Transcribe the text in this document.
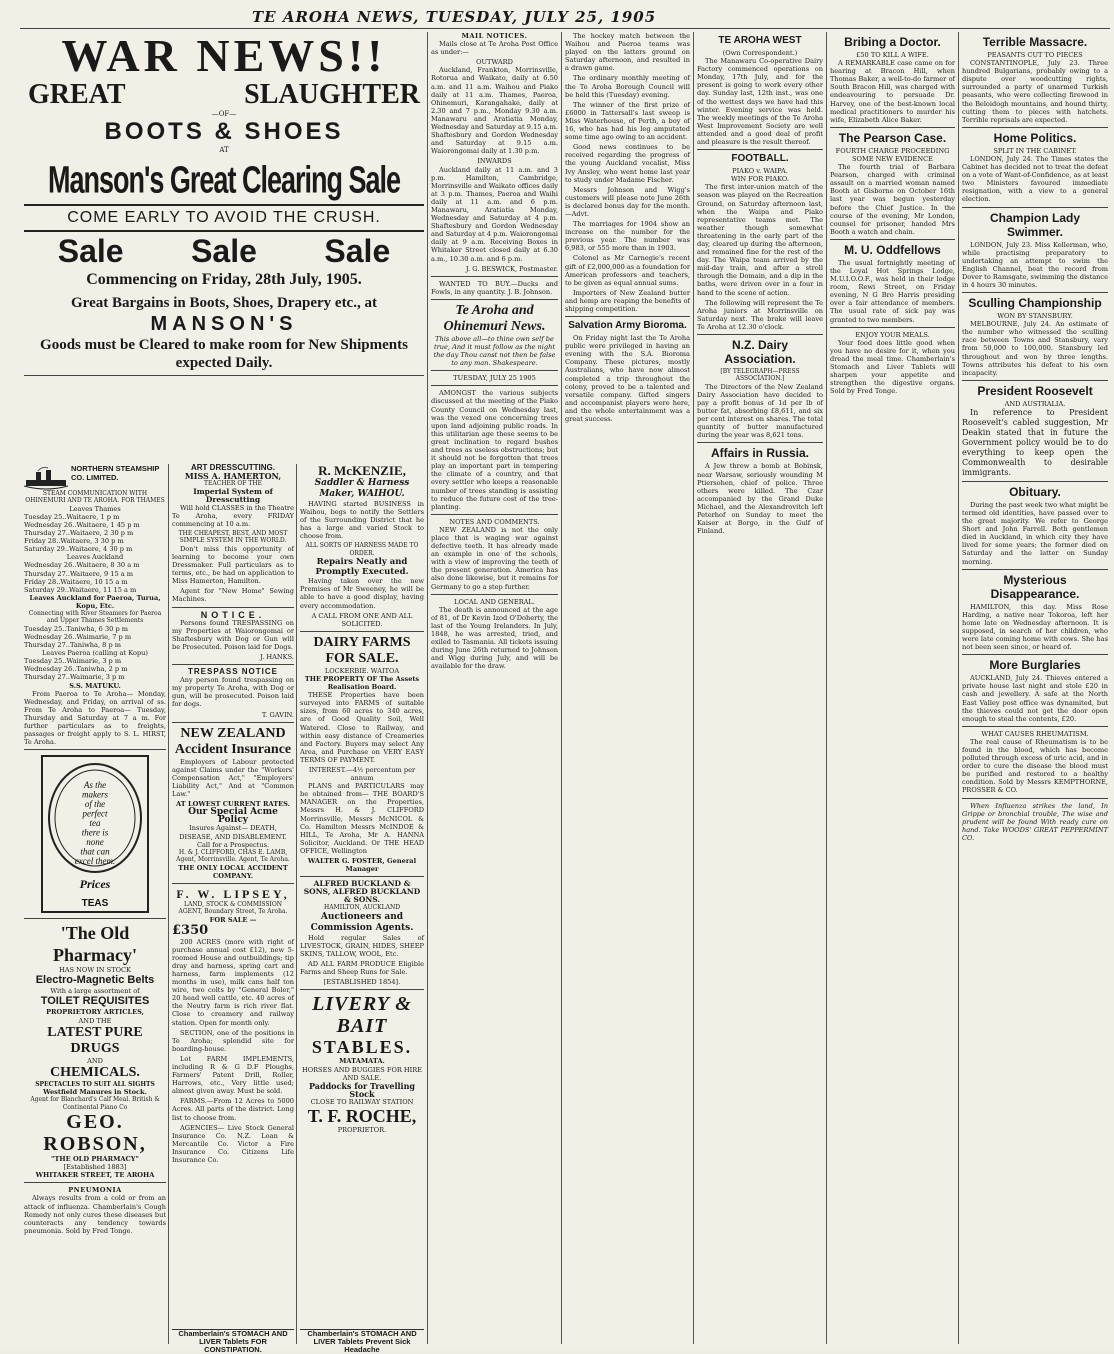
TE AROHA NEWS, TUESDAY, JULY 25, 1905
WAR NEWS!!
GREAT	SLAUGHTER
—OF—
BOOTS & SHOES
AT
Manson's Great Clearing Sale
COME EARLY TO AVOID THE CRUSH.
Sale Sale Sale
Commencing on Friday, 28th July, 1905.
Great Bargains in Boots, Shoes, Drapery etc., at
MANSON'S
Goods must be Cleared to make room for New Shipments expected Daily.
NORTHERN STEAMSHIP CO. LIMITED.
STEAM COMMUNICATION WITH OHINEMURI AND TE AROHA. FOR THAMES
Leaves Thames
Tuesday 25..Waitaere, 1 p m
Wednesday 26..Waitaere, 1 45 p m
Thursday 27..Waitaere, 2 30 p m
Friday 28..Waitaere, 3 30 p m
Saturday 29..Waitaere, 4 30 p m
Leaves Auckland
Wednesday 26..Waitaere, 8 30 a m
Thursday 27..Waitaere, 9 15 a m
Friday 28..Waitaere, 10 15 a m
Saturday 29..Waitaere, 11 15 a m
Leaves Auckland for Paeroa, Turua, Kopu, Etc.
Connecting with River Steamers for Paeroa and Upper Thames Settlements
Tuesday 25..Taniwha, 6 30 p m
Wednesday 26..Waimarie, 7 p m
Thursday 27..Taniwha, 8 p m
Leaves Paeroa (calling at Kopu)
Tuesday 25..Waimarie, 3 p m
Wednesday 26..Taniwha, 2 p m
Thursday 27..Waimarie, 3 p m
S.S. MATUKU.

From Paeroa to Te Aroha— Monday, Wednesday, and Friday, on arrival of ss. From Te Aroha to Paeroa— Tuesday, Thursday and Saturday at 7 a m. For further particulars as to freights, passages or freight apply to S. L. HIRST, Te Aroha.

As the makers of the perfect tea there is none that can excel them.
Prices
TEAS
'The Old Pharmacy'
HAS NOW IN STOCK
Electro-Magnetic Belts
With a large assortment of
TOILET REQUISITES
PROPRIETORY ARTICLES,
AND THE
LATEST PURE DRUGS
AND
CHEMICALS.
SPECTACLES TO SUIT ALL SIGHTS
Westfield Manures in Stock.
Agent for Blanchard's Calf Meal. British & Continental Piano Co
GEO. ROBSON,
"THE OLD PHARMACY"
[Established 1883]
WHITAKER STREET, TE AROHA
PNEUMONIA

Always results from a cold or from an attack of influenza. Chamberlain's Cough Remedy not only cures these diseases but counteracts any tendency towards pneumonia. Sold by Fred Tonge.

ART DRESSCUTTING.
MISS A. HAMERTON,
TEACHER OF THE
Imperial System of Dresscutting

Will hold CLASSES in the Theatre Te Aroha, every FRIDAY commencing at 10 a.m.

THE CHEAPEST, BEST, AND MOST SIMPLE SYSTEM IN THE WORLD.

Don't miss this opportunity of learning to become your own Dressmaker. Full particulars as to terms, etc., be had on application to Miss Hamerton, Hamilton.

Agent for "New Home" Sewing Machines.

NOTICE.

Persons found TRESPASSING on my Properties at Waiorongomai or Shaftesbury with Dog or Gun will be Prosecuted. Poison laid for Dogs.

J. HANKS.
TRESPASS NOTICE

Any person found trespassing on my property Te Aroha, with Dog or gun, will be prosecuted. Poison laid for dogs.

T. GAVIN.
NEW ZEALAND Accident Insurance

Employers of Labour protected against Claims under the "Workers' Compensation Act," "Employers' Liability Act," And at "Common Law."

AT LOWEST CURRENT RATES.
Our Special Acme Policy
Insures Against— DEATH, DISEASE, AND DISABLEMENT.
Call for a Prospectus.
H. & J. CLIFFORD, CHAS E. LAMB, Agent, Morrinsville. Agent, Te Aroha.
THE ONLY LOCAL ACCIDENT COMPANY.
F. W. LIPSEY,
LAND, STOCK & COMMISSION AGENT, Boundary Street, Te Aroha.
FOR SALE —
£350

200 ACRES (more with right of purchase annual cost £12), new 5-roomed House and outbuildings; tip dray and harness, spring cart and harness, farm implements (12 months in use), milk cans half ton wire, two colts by "General Boler," 20 head well cattle, etc. 40 acres of the Neutry farm is rich river flat. Close to creamery and railway station. Open for month only.

SECTION, one of the positions in Te Aroha; splendid site for boarding-house.

Lot FARM IMPLEMENTS, including R & G D.F Ploughs, Farmers' Patent Drill, Roller, Harrows, etc., Very little used; almost given away. Must be sold.

FARMS.—From 12 Acres to 5000 Acres. All parts of the district. Long list to choose from.

AGENCIES— Live Stock General Insurance Co. N.Z. Loan & Mercantile Co. Victor a Fire Insurance Co. Citizens Life Insurance Co.

Chamberlain's STOMACH AND LIVER Tablets FOR CONSTIPATION.
R. McKENZIE,
Saddler & Harness Maker, WAIHOU.

HAVING started BUSINESS in Waihou, begs to notify the Settlers of the Surrounding District that he has a large and varied Stock to choose from.

ALL SORTS OF HARNESS MADE TO ORDER.
Repairs Neatly and Promptly Executed.

Having taken over the new Premises of Mr Sweeney, he will be able to have a good display, having every accommodation.

A CALL FROM ONE AND ALL SOLICITED.
DAIRY FARMS FOR SALE.
LOCKERBIE. WAITOA
THE PROPERTY OF The Assets Realisation Board.

THESE Properties have been surveyed into FARMS of suitable sizes, from 60 acres to 340 acres, are of Good Quality Soil, Well Watered. Close to Railway, and within easy distance of Creameries and Factory. Buyers may select Any Area, and Purchase on VERY EASY TERMS OF PAYMENT.

INTEREST.—4½ percentum per annum

PLANS and PARTICULARS may be obtained from— THE BOARD'S MANAGER on the Properties, Messrs H. & J. CLIFFORD Morrinsville, Messrs McNICOL & Co. Hamilton Messrs McINDOE & HILL, Te Aroha, Mr A. HANNA Solicitor, Auckland. Or THE HEAD OFFICE, Wellington

WALTER G. FOSTER, General Manager
ALFRED BUCKLAND & SONS, ALFRED BUCKLAND & SONS.
HAMILTON, AUCKLAND
Auctioneers and Commission Agents.

Hold regular Sales of LIVESTOCK, GRAIN, HIDES, SHEEP SKINS, TALLOW, WOOL, Etc.

AD ALL FARM PRODUCE Eligible Farms and Sheep Runs for Sale.

[ESTABLISHED 1854].
LIVERY & BAIT
STABLES.
MATAMATA.
HORSES AND BUGGIES FOR HIRE AND SALE.
Paddocks for Travelling Stock
CLOSE TO RAILWAY STATION
T. F. ROCHE,
PROPRIETOR.
Chamberlain's STOMACH AND LIVER Tablets Prevent Sick Headache
MAIL NOTICES.

Mails close at Te Aroha Post Office as under:—

OUTWARD

Auckland, Frankton, Morrinsville, Rotorua and Waikato, daily at 6.50 a.m. and 11 a.m. Waihou and Piako daily at 11 a.m. Thames, Paeroa, Ohinemuri, Karangahake, daily at 2.30 and 7 p.m., Monday 9.30 a.m. Manawaru and Aratiatia Monday, Wednesday and Saturday at 9.15 a.m. Shaftesbury and Gordon Wednesday and Saturday at 9.15 a.m. Waiorongomai daily at 1.30 p.m.

INWARDS

Auckland daily at 11 a.m. and 3 p.m. Hamilton, Cambridge, Morrinsville and Waikato offices daily at 3 p.m. Thames, Paeroa and Waihi daily at 11 a.m. and 6 p.m. Manawaru, Aratiatia Monday, Wednesday and Saturday at 4 p.m. Shaftesbury and Gordon Wednesday and Saturday at 4 p.m. Waiorongomai daily at 9 a.m. Receiving Boxes in Whitaker Street closed daily at 6.30 a.m., 10.30 a.m. and 6 p.m.

J. G. BESWICK, Postmaster.

WANTED TO BUY.—Ducks and Fowls, in any quantity. J. B. Johnson.

Te Aroha and Ohinemuri News.
This above all—to thine own self be true, And it must follow as the night the day Thou canst not then be false to any man. Shakespeare.
TUESDAY, JULY 25 1905

AMONGST the various subjects discussed at the meeting of the Piako County Council on Wednesday last, was the vexed one concerning trees upon land adjoining public roads. In this utilitarian age these seems to be great inclination to regard bushes and trees as useless obstructions; but it should not be forgotten that trees play an important part in tempering the climate of a country, and that every settler who keeps a reasonable number of trees standing is assisting to reduce the future cost of the tree-planting.

NOTES AND COMMENTS.

NEW ZEALAND is not the only place that is waging war against defective teeth. It has already made an example in one of the schools, with a view of improving the teeth of the present generation. America has also done likewise, but it remains for Germany to go a step further.

LOCAL AND GENERAL.

The death is announced at the age of 81, of Dr Kevin Izod O'Doherty, the last of the Young Irelanders. In July, 1848, he was arrested, tried, and exiled to Tasmania. All tickets issuing during June 26th returned to Johnson and Wigg during July, and will be available for the draw.

The hockey match between the Waihou and Paeroa teams was played on the latters ground on Saturday afternoon, and resulted in a drawn game.

The ordinary monthly meeting of the Te Aroha Borough Council will be held this (Tuesday) evening.

The winner of the first prize of £6000 in Tattersall's last sweep is Miss Waterhouse, of Perth, a boy of 16, who has had his leg amputated some time ago owing to an accident.

Good news continues to be received regarding the progress of the young Auckland vocalist, Miss Ivy Ansley, who went home last year to study under Madame Fischer.

Messrs Johnson and Wigg's customers will please note June 26th is declared bonus day for the month.—Advt.

The marriages for 1904 show an increase on the number for the previous year. The number was 6,983, or 555 more than in 1903.

Colonel as Mr Carnegie's recent gift of £2,000,000 as a foundation for American professors and teachers, to be given as equal annual sums.

Importers of New Zealand butter and hemp are reaping the benefits of shipping competition.

Salvation Army Bioroma.

On Friday night last the Te Aroha public were privileged in having an evening with the S.A. Bioroma Company. These pictures, mostly Australians, who have now almost completed a trip throughout the colony, proved to be a talented and versatile company. Gifted singers and accompanist players were here, and the whole entertainment was a great success.

TE AROHA WEST
(Own Correspondent.)

The Manawaru Co-operative Dairy Factory commenced operations on Monday, 17th July, and for the present is going to work every other day. Sunday last, 12th inst., was one of the wettest days we have had this winter. Evening service was held. The weekly meetings of the Te Aroha West Improvement Society are well attended and a good deal of profit and pleasure is the result thereof.

FOOTBALL.
PIAKO v. WAIPA.
WIN FOR PIAKO.

The first inter-union match of the season was played on the Recreation Ground, on Saturday afternoon last, when the Waipa and Piako representative teams met. The weather though somewhat threatening in the early part of the day, cleared up during the afternoon, and remained fine for the rest of the day. The Waipa team arrived by the mid-day train, and after a stroll through the Domain, and a dip in the baths, were driven over in a four in hand to the scene of action.

The following will represent the Te Aroha juniors at Morrinsville on Saturday next. The brake will leave Te Aroha at 12.30 o'clock.

N.Z. Dairy Association.
[BY TELEGRAPH—PRESS ASSOCIATION.]

The Directors of the New Zealand Dairy Association have decided to pay a profit bonus of 1d per lb of butter fat, absorbing £8,611, and six per cent interest on shares. The total quantity of butter manufactured during the year was 8,621 tons.

Affairs in Russia.

A Jew threw a bomb at Bobinsk, near Warsaw, seriously wounding M Ptiersohen, chief of police. Three others were killed. The Czar accompanied by the Grand Duke Michael, and the Alexandrovitch left Peterhof on Sunday to meet the Kaiser at Borgo, in the Gulf of Finland.

Bribing a Doctor.
£50 TO KILL A WIFE.

A REMARKABLE case came on for hearing at Bracon Hill, when Thomas Baker, a well-to-do farmer of South Bracon Hill, was charged with endeavouring to persuade Dr. Harvey, one of the best-known local medical practitioners to murder his wife, Elizabeth Alice Baker.

The Pearson Case.
FOURTH CHARGE PROCEEDING
SOME NEW EVIDENCE

The fourth trial of Barbara Pearson, charged with criminal assault on a married woman named Booth at Gisborne on October 16th last year was begun yesterday before the Chief Justice. In the course of the evening, Mr London, counsel for prisoner, handed Mrs Booth a watch and chain.

M. U. Oddfellows

The usual fortnightly meeting of the Loyal Hot Springs Lodge, M.U.I.O.O.F., was held in their lodge room, Rewi Street, on Friday evening, N G Bro Harris presiding over a fair attendance of members. The usual rate of sick pay was granted to two members.

ENJOY YOUR MEALS.

Your food does little good when you have no desire for it, when you dread the meal time. Chamberlain's Stomach and Liver Tablets will sharpen your appetite and strengthen the digestive organs. Sold by Fred Tonge.

Terrible Massacre.
PEASANTS CUT TO PIECES

CONSTANTINOPLE, July 23. Three hundred Bulgarians, probably owing to a dispute over woodcutting rights, surrounded a party of unarmed Turkish peasants, who were collecting firewood in the Beloidogh mountains, and hound thirty, cutting them to pieces with hatchets. Terrible reprisals are expected.

Home Politics.
SPLIT IN THE CABINET.

LONDON, July 24. The Times states the Cabinet has decided not to treat the defeat on a vote of Want-of-Confidence, as at least two Ministers favoured immediate resignation, with a view to a general election.

Champion Lady Swimmer.

LONDON, July 23. Miss Kellerman, who, while practising preparatory to undertaking an attempt to swim the English Channel, beat the record from Dover to Ramsgate, swimming the distance in 4 hours 30 minutes.

Sculling Championship
WON BY STANSBURY.

MELBOURNE, July 24. An estimate of the number who witnessed the sculling race between Towns and Stansbury, vary from 50,000 to 100,000. Stansbury led throughout and won by three lengths. Towns attributes his defeat to his own incapacity.

President Roosevelt
AND AUSTRALIA.

In reference to President Roosevelt's cabled suggestion, Mr Deakin stated that in future the Government policy would be to do everything to keep open the Commonwealth to desirable immigrants.

Obituary.

During the past week two what might be termed old identities, have passed over to the great majority. We refer to George Short and John Farrell. Both gentlemen died in Auckland, in which city they have lived for some years; the former died on Saturday and the latter on Sunday morning.

Mysterious Disappearance.

HAMILTON, this day. Miss Rose Harding, a native near Tokoroa, left her home late on Wednesday afternoon. It is supposed, in search of her children, who were late coming home with cows. She has not been seen since, or heard of.

More Burglaries

AUCKLAND, July 24. Thieves entered a private house last night and stole £20 in cash and jewellery. A safe at the North East Valley post office was dynamited, but the thieves could not get the door open enough to steal the contents, £20.

WHAT CAUSES RHEUMATISM.

The real cause of Rheumatism is to be found in the blood, which has become polluted through excess of uric acid, and in order to cure the disease the blood must be purified and restored to a healthy condition. Sold by Messrs KEMPTHORNE, PROSSER & CO.

When Influenza strikes the land, In Grippe or bronchial trouble, The wise and prudent will be found With ready cure on hand. Take WOODS' GREAT PEPPERMINT CO.
